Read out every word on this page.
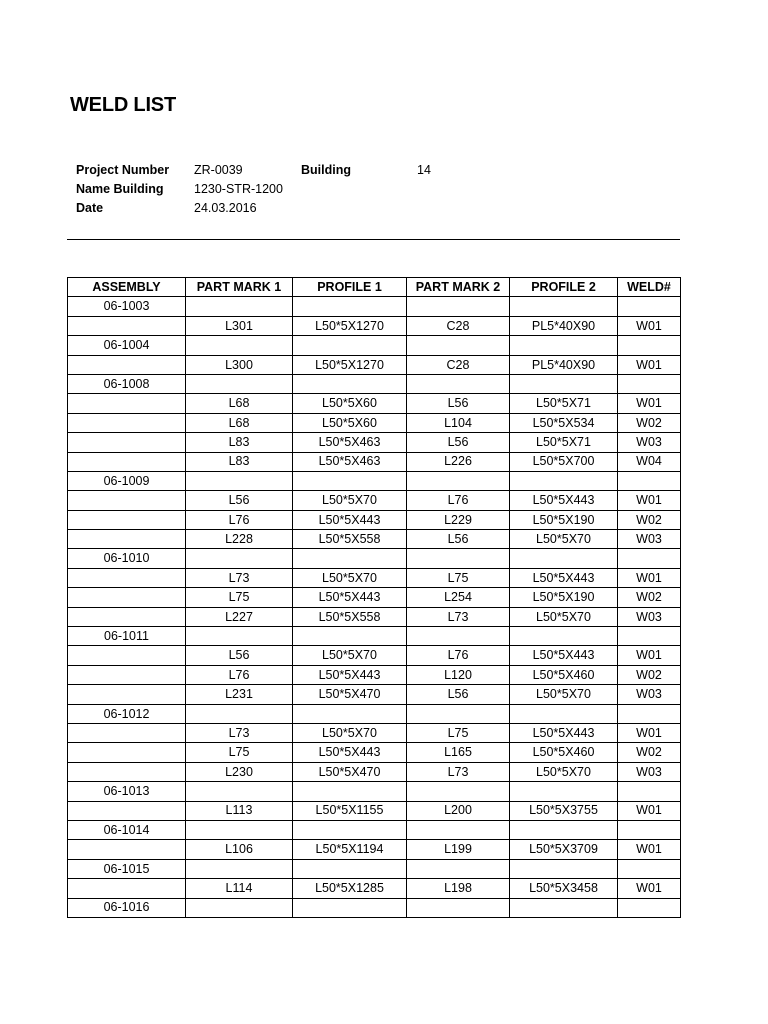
WELD LIST
Project Number ZR-0039	Building	14
Name Building 1230-STR-1200
Date	24.03.2016
ASSEMBLY	PART MARK 1	PROFILE 1	PART MARK 2	PROFILE 2	WELD#
06-1003					
	L301	L50*5X1270	C28	PL5*40X90	W01
06-1004					
	L300	L50*5X1270	C28	PL5*40X90	W01
06-1008					
	L68	L50*5X60	L56	L50*5X71	W01
	L68	L50*5X60	L104	L50*5X534	W02
	L83	L50*5X463	L56	L50*5X71	W03
	L83	L50*5X463	L226	L50*5X700	W04
06-1009					
	L56	L50*5X70	L76	L50*5X443	W01
	L76	L50*5X443	L229	L50*5X190	W02
	L228	L50*5X558	L56	L50*5X70	W03
06-1010					
	L73	L50*5X70	L75	L50*5X443	W01
	L75	L50*5X443	L254	L50*5X190	W02
	L227	L50*5X558	L73	L50*5X70	W03
06-1011					
	L56	L50*5X70	L76	L50*5X443	W01
	L76	L50*5X443	L120	L50*5X460	W02
	L231	L50*5X470	L56	L50*5X70	W03
06-1012					
	L73	L50*5X70	L75	L50*5X443	W01
	L75	L50*5X443	L165	L50*5X460	W02
	L230	L50*5X470	L73	L50*5X70	W03
06-1013					
	L113	L50*5X1155	L200	L50*5X3755	W01
06-1014					
	L106	L50*5X1194	L199	L50*5X3709	W01
06-1015					
	L114	L50*5X1285	L198	L50*5X3458	W01
06-1016					
